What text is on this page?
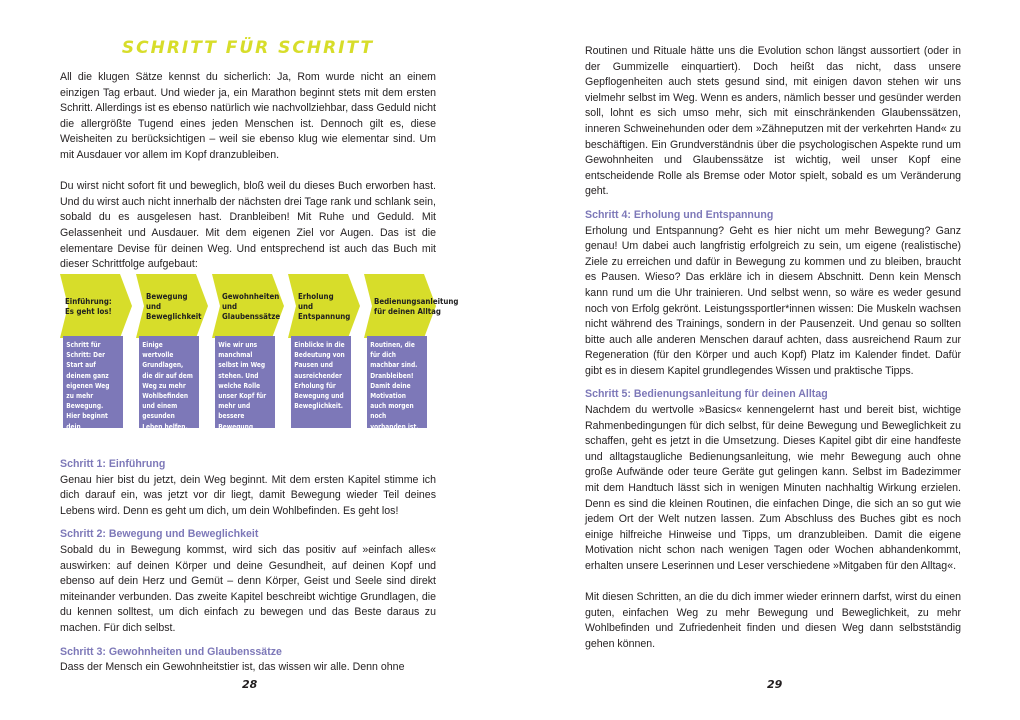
SCHRITT FÜR SCHRITT

All die klugen Sätze kennst du sicherlich: Ja, Rom wurde nicht an einem einzigen Tag erbaut. Und wieder ja, ein Marathon beginnt stets mit dem ersten Schritt. Allerdings ist es ebenso natürlich wie nachvollziehbar, dass Geduld nicht die allergrößte Tugend eines jeden Menschen ist. Dennoch gilt es, diese Weisheiten zu berücksichtigen – weil sie ebenso klug wie elementar sind. Um mit Ausdauer vor allem im Kopf dranzubleiben.

Du wirst nicht sofort fit und beweglich, bloß weil du dieses Buch erworben hast. Und du wirst auch nicht innerhalb der nächsten drei Tage rank und schlank sein, sobald du es ausgelesen hast. Dranbleiben! Mit Ruhe und Geduld. Mit Gelassenheit und Ausdauer. Mit dem eigenen Ziel vor Augen. Das ist die elementare Devise für deinen Weg. Und entsprechend ist auch das Buch mit dieser Schrittfolge aufgebaut:

Einführung: Es geht los!
Schritt für Schritt: Der Start auf deinem ganz eigenen Weg zu mehr Bewegung. Hier beginnt dein Trainingslager!
Bewegung und Beweglichkeit
Einige wertvolle Grundlagen, die dir auf dem Weg zu mehr Wohlbefinden und einem gesunden Leben helfen.
Gewohnheiten und Glaubenssätze
Wie wir uns manchmal selbst im Weg stehen. Und welche Rolle unser Kopf für mehr und bessere Bewegung spielt.
Erholung und Entspannung
Einblicke in die Bedeutung von Pausen und ausreichender Erholung für Bewegung und Beweglichkeit.
Bedienungsanleitung für deinen Alltag
Routinen, die für dich machbar sind. Dranbleiben! Damit deine Motivation auch morgen noch vorhanden ist.

Schritt 1: Einführung

Genau hier bist du jetzt, dein Weg beginnt. Mit dem ersten Kapitel stimme ich dich darauf ein, was jetzt vor dir liegt, damit Bewegung wieder Teil deines Lebens wird. Denn es geht um dich, um dein Wohlbefinden. Es geht los!

Schritt 2: Bewegung und Beweglichkeit

Sobald du in Bewegung kommst, wird sich das positiv auf »einfach alles« auswirken: auf deinen Körper und deine Gesundheit, auf deinen Kopf und ebenso auf dein Herz und Gemüt – denn Körper, Geist und Seele sind direkt miteinander verbunden. Das zweite Kapitel beschreibt wichtige Grundlagen, die du kennen solltest, um dich einfach zu bewegen und das Beste daraus zu machen. Für dich selbst.

Schritt 3: Gewohnheiten und Glaubenssätze

Dass der Mensch ein Gewohnheitstier ist, das wissen wir alle. Denn ohne

28

Routinen und Rituale hätte uns die Evolution schon längst aussortiert (oder in der Gummizelle einquartiert). Doch heißt das nicht, dass unsere Gepflogenheiten auch stets gesund sind, mit einigen davon stehen wir uns vielmehr selbst im Weg. Wenn es anders, nämlich besser und gesünder werden soll, lohnt es sich umso mehr, sich mit einschränkenden Glaubenssätzen, inneren Schweinehunden oder dem »Zähneputzen mit der verkehrten Hand« zu beschäftigen. Ein Grundverständnis über die psychologischen Aspekte rund um Gewohnheiten und Glaubenssätze ist wichtig, weil unser Kopf eine entscheidende Rolle als Bremse oder Motor spielt, sobald es um Veränderung geht.

Schritt 4: Erholung und Entspannung

Erholung und Entspannung? Geht es hier nicht um mehr Bewegung? Ganz genau! Um dabei auch langfristig erfolgreich zu sein, um eigene (realistische) Ziele zu erreichen und dafür in Bewegung zu kommen und zu bleiben, braucht es Pausen. Wieso? Das erkläre ich in diesem Abschnitt. Denn kein Mensch kann rund um die Uhr trainieren. Und selbst wenn, so wäre es weder gesund noch von Erfolg gekrönt. Leistungssportler*innen wissen: Die Muskeln wachsen nicht während des Trainings, sondern in der Pausenzeit. Und genau so sollten bitte auch alle anderen Menschen darauf achten, dass ausreichend Raum zur Regeneration (für den Körper und auch Kopf) Platz im Kalender findet. Dafür gibt es in diesem Kapitel grundlegendes Wissen und praktische Tipps.

Schritt 5: Bedienungsanleitung für deinen Alltag

Nachdem du wertvolle »Basics« kennengelernt hast und bereit bist, wichtige Rahmenbedingungen für dich selbst, für deine Bewegung und Beweglichkeit zu schaffen, geht es jetzt in die Umsetzung. Dieses Kapitel gibt dir eine handfeste und alltagstaugliche Bedienungsanleitung, wie mehr Bewegung auch ohne große Aufwände oder teure Geräte gut gelingen kann. Selbst im Badezimmer mit dem Handtuch lässt sich in wenigen Minuten nachhaltig Wirkung erzielen. Denn es sind die kleinen Routinen, die einfachen Dinge, die sich an so gut wie jedem Ort der Welt nutzen lassen. Zum Abschluss des Buches gibt es noch einige hilfreiche Hinweise und Tipps, um dranzubleiben. Damit die eigene Motivation nicht schon nach wenigen Tagen oder Wochen abhandenkommt, erhalten unsere Leserinnen und Leser verschiedene »Mitgaben für den Alltag«.

Mit diesen Schritten, an die du dich immer wieder erinnern darfst, wirst du einen guten, einfachen Weg zu mehr Bewegung und Beweglichkeit, zu mehr Wohlbefinden und Zufriedenheit finden und diesen Weg dann selbstständig gehen können.

29
